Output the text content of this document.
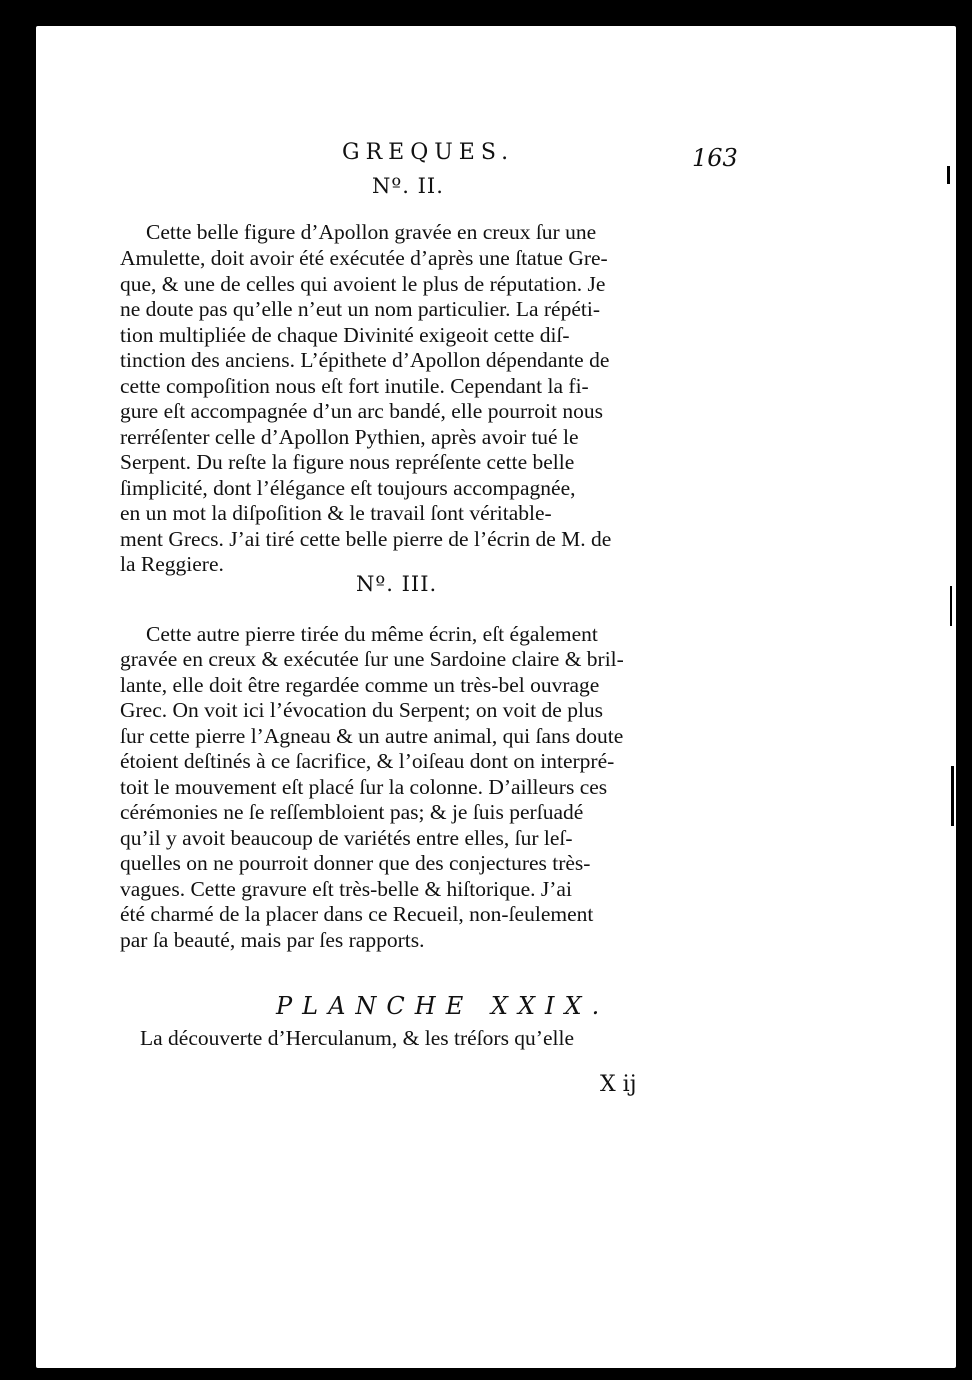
GREQUES.	163
Nº. II.
Cette belle figure d’Apollon gravée en creux ſur une
Amulette, doit avoir été exécutée d’après une ſtatue Gre-
que, & une de celles qui avoient le plus de réputation. Je
ne doute pas qu’elle n’eut un nom particulier. La répéti-
tion multipliée de chaque Divinité exigeoit cette diſ-
tinction des anciens. L’épithete d’Apollon dépendante de
cette compoſition nous eſt fort inutile. Cependant la fi-
gure eſt accompagnée d’un arc bandé, elle pourroit nous
rerréſenter celle d’Apollon Pythien, après avoir tué le
Serpent. Du reſte la figure nous repréſente cette belle
ſimplicité, dont l’élégance eſt toujours accompagnée,
en un mot la diſpoſition & le travail ſont véritable-
ment Grecs. J’ai tiré cette belle pierre de l’écrin de M. de
la Reggiere.
Nº. III.
Cette autre pierre tirée du même écrin, eſt également
gravée en creux & exécutée ſur une Sardoine claire & bril-
lante, elle doit être regardée comme un très-bel ouvrage
Grec. On voit ici l’évocation du Serpent; on voit de plus
ſur cette pierre l’Agneau & un autre animal, qui ſans doute
étoient deſtinés à ce ſacrifice, & l’oiſeau dont on interpré-
toit le mouvement eſt placé ſur la colonne. D’ailleurs ces
cérémonies ne ſe reſſembloient pas; & je ſuis perſuadé
qu’il y avoit beaucoup de variétés entre elles, ſur leſ-
quelles on ne pourroit donner que des conjectures très-
vagues. Cette gravure eſt très-belle & hiſtorique. J’ai
été charmé de la placer dans ce Recueil, non-ſeulement
par ſa beauté, mais par ſes rapports.
PLANCHE XXIX.
La découverte d’Herculanum, & les tréſors qu’elle
X ij
